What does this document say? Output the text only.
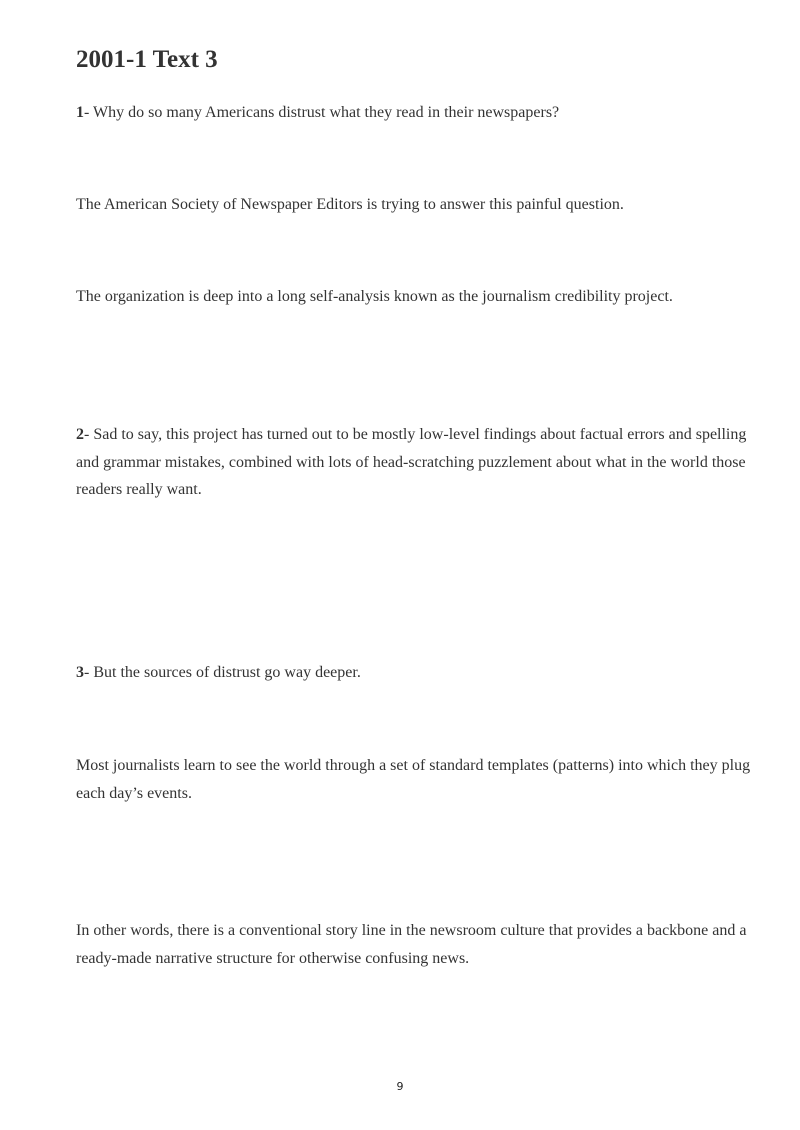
2001-1 Text 3

1- Why do so many Americans distrust what they read in their newspapers?

The American Society of Newspaper Editors is trying to answer this painful question.

The organization is deep into a long self-analysis known as the journalism credibility project.

2- Sad to say, this project has turned out to be mostly low-level findings about factual errors and spelling and grammar mistakes, combined with lots of head-scratching puzzlement about what in the world those readers really want.

3- But the sources of distrust go way deeper.

Most journalists learn to see the world through a set of standard templates (patterns) into which they plug each day’s events.

In other words, there is a conventional story line in the newsroom culture that provides a backbone and a ready-made narrative structure for otherwise confusing news.

9
